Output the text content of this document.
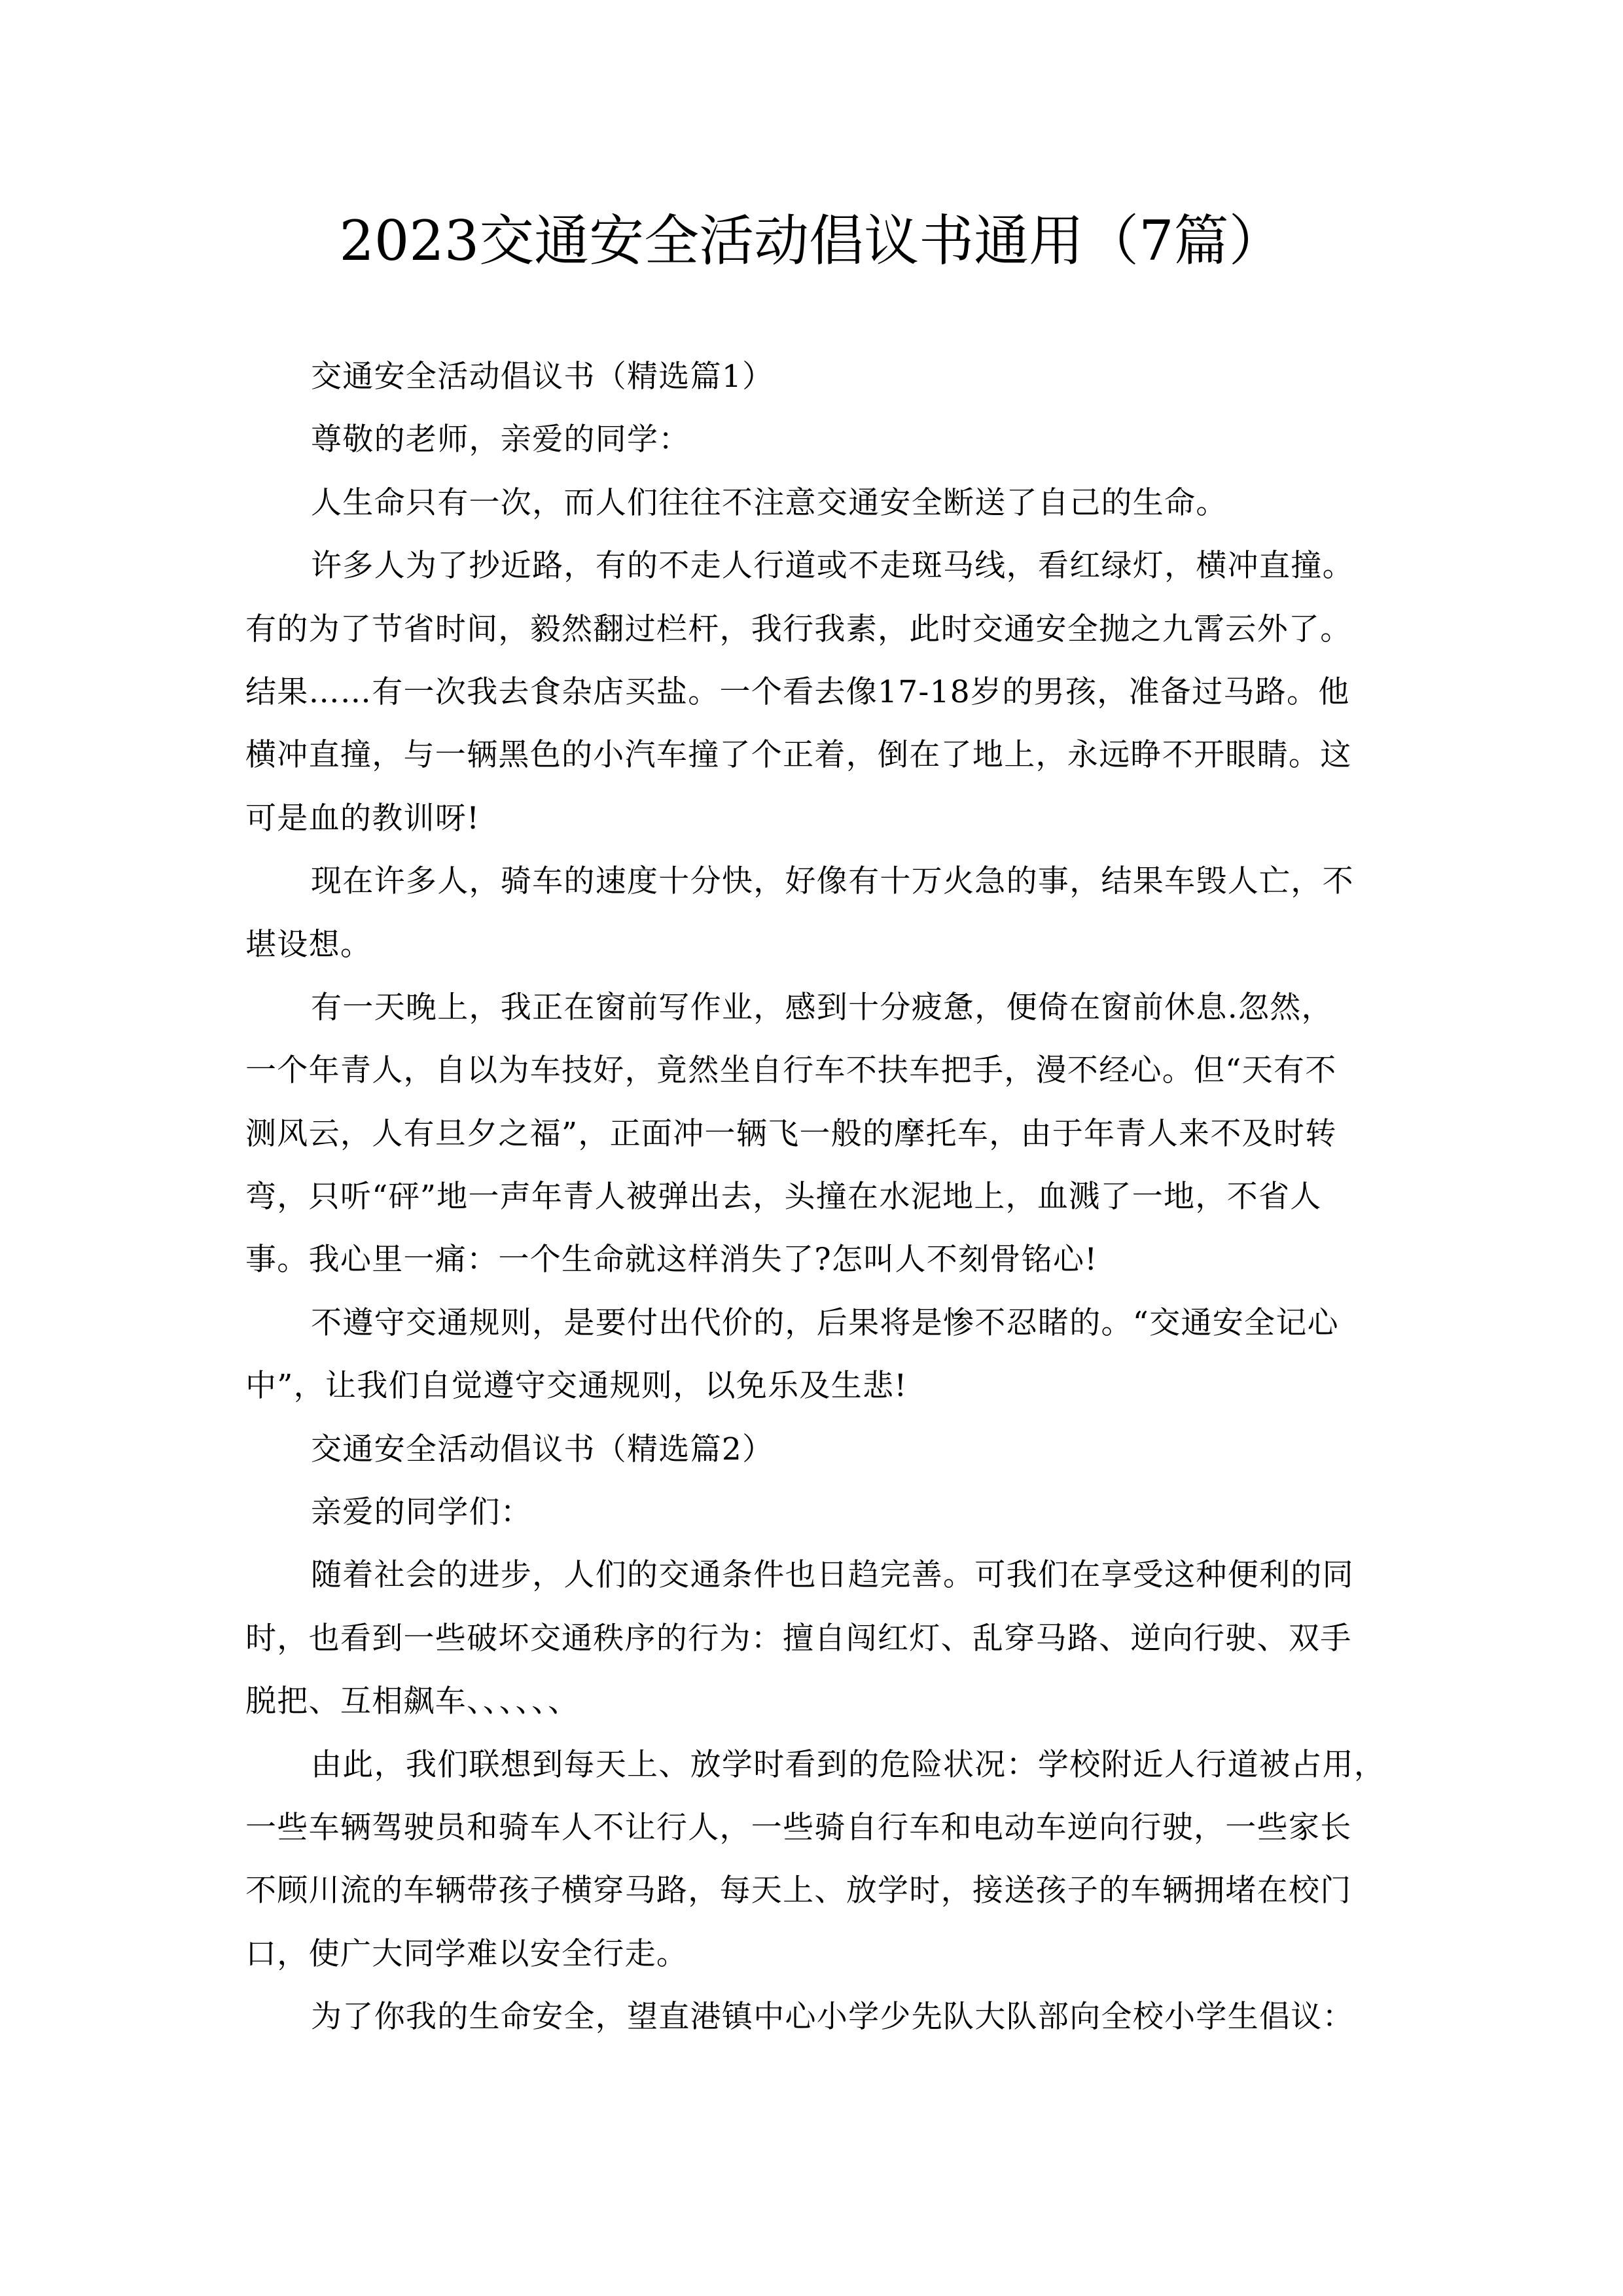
2023交通安全活动倡议书通用（7篇）
交通安全活动倡议书（精选篇1）
尊敬的老师，亲爱的同学：
人生命只有一次，而人们往往不注意交通安全断送了自己的生命。
许多人为了抄近路，有的不走人行道或不走斑马线，看红绿灯，横冲直撞。
有的为了节省时间，毅然翻过栏杆，我行我素，此时交通安全抛之九霄云外了。
结果……有一次我去食杂店买盐。一个看去像17-18岁的男孩，准备过马路。他
横冲直撞，与一辆黑色的小汽车撞了个正着，倒在了地上，永远睁不开眼睛。这
可是血的教训呀!
现在许多人，骑车的速度十分快，好像有十万火急的事，结果车毁人亡，不
堪设想。
有一天晚上，我正在窗前写作业，感到十分疲惫，便倚在窗前休息.忽然，
一个年青人，自以为车技好，竟然坐自行车不扶车把手，漫不经心。但“天有不
测风云，人有旦夕之福”，正面冲一辆飞一般的摩托车，由于年青人来不及时转
弯，只听“砰”地一声年青人被弹出去，头撞在水泥地上，血溅了一地，不省人
事。我心里一痛：一个生命就这样消失了?怎叫人不刻骨铭心!
不遵守交通规则，是要付出代价的，后果将是惨不忍睹的。“交通安全记心
中”，让我们自觉遵守交通规则，以免乐及生悲!
交通安全活动倡议书（精选篇2）
亲爱的同学们：
随着社会的进步，人们的交通条件也日趋完善。可我们在享受这种便利的同
时，也看到一些破坏交通秩序的行为：擅自闯红灯、乱穿马路、逆向行驶、双手
脱把、互相飙车、、、、、、
由此，我们联想到每天上、放学时看到的危险状况：学校附近人行道被占用，
一些车辆驾驶员和骑车人不让行人，一些骑自行车和电动车逆向行驶，一些家长
不顾川流的车辆带孩子横穿马路，每天上、放学时，接送孩子的车辆拥堵在校门
口，使广大同学难以安全行走。
为了你我的生命安全，望直港镇中心小学少先队大队部向全校小学生倡议：
